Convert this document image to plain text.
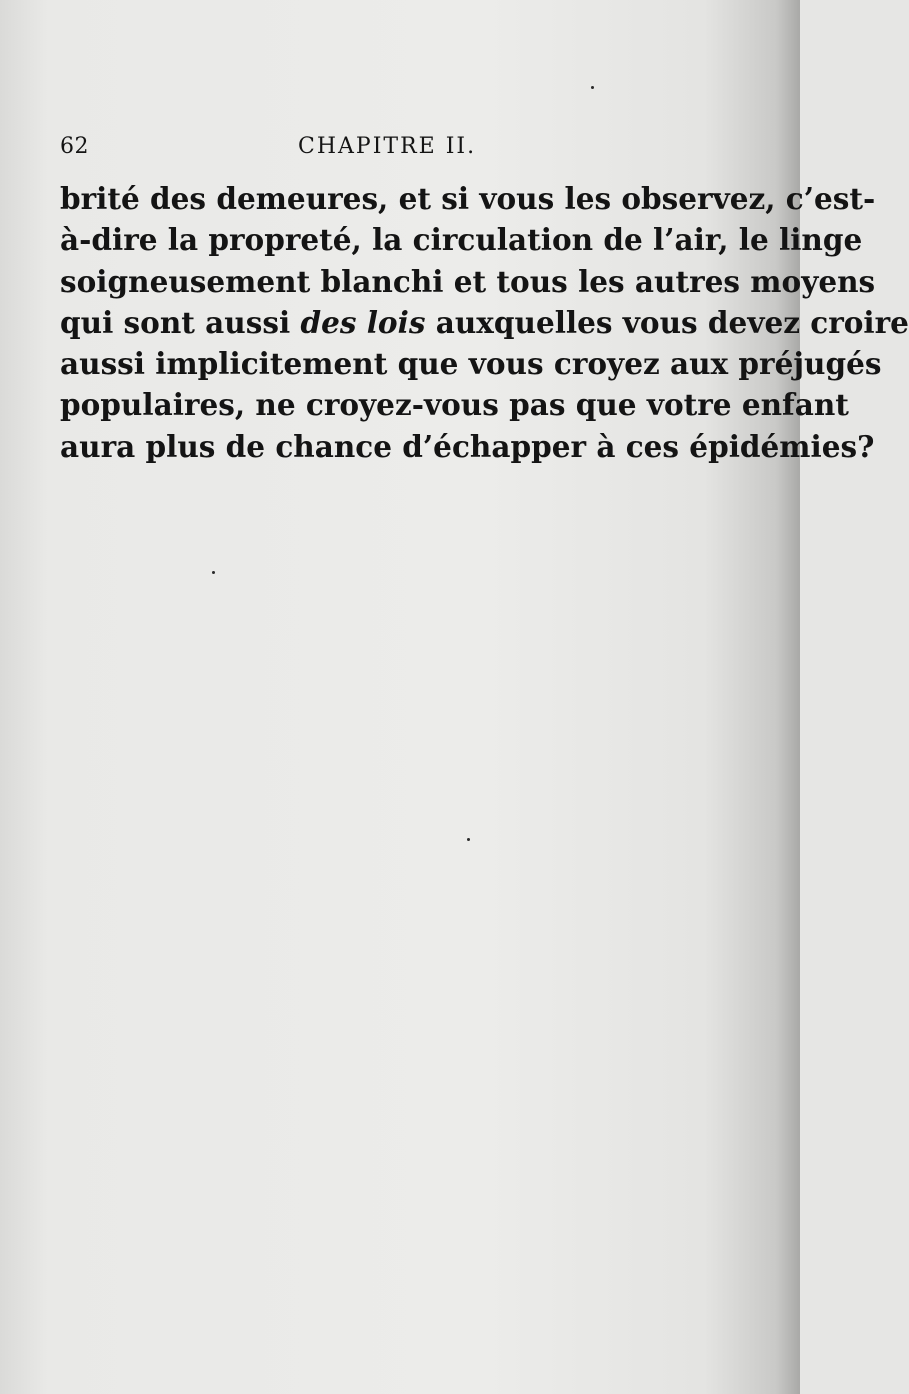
62	CHAPITRE II.
brité des demeures, et si vous les observez, c’est-
à-dire la propreté, la circulation de l’air, le linge
soigneusement blanchi et tous les autres moyens
qui sont aussi des lois auxquelles vous devez croire
aussi implicitement que vous croyez aux préjugés
populaires, ne croyez-vous pas que votre enfant
aura plus de chance d’échapper à ces épidémies?
